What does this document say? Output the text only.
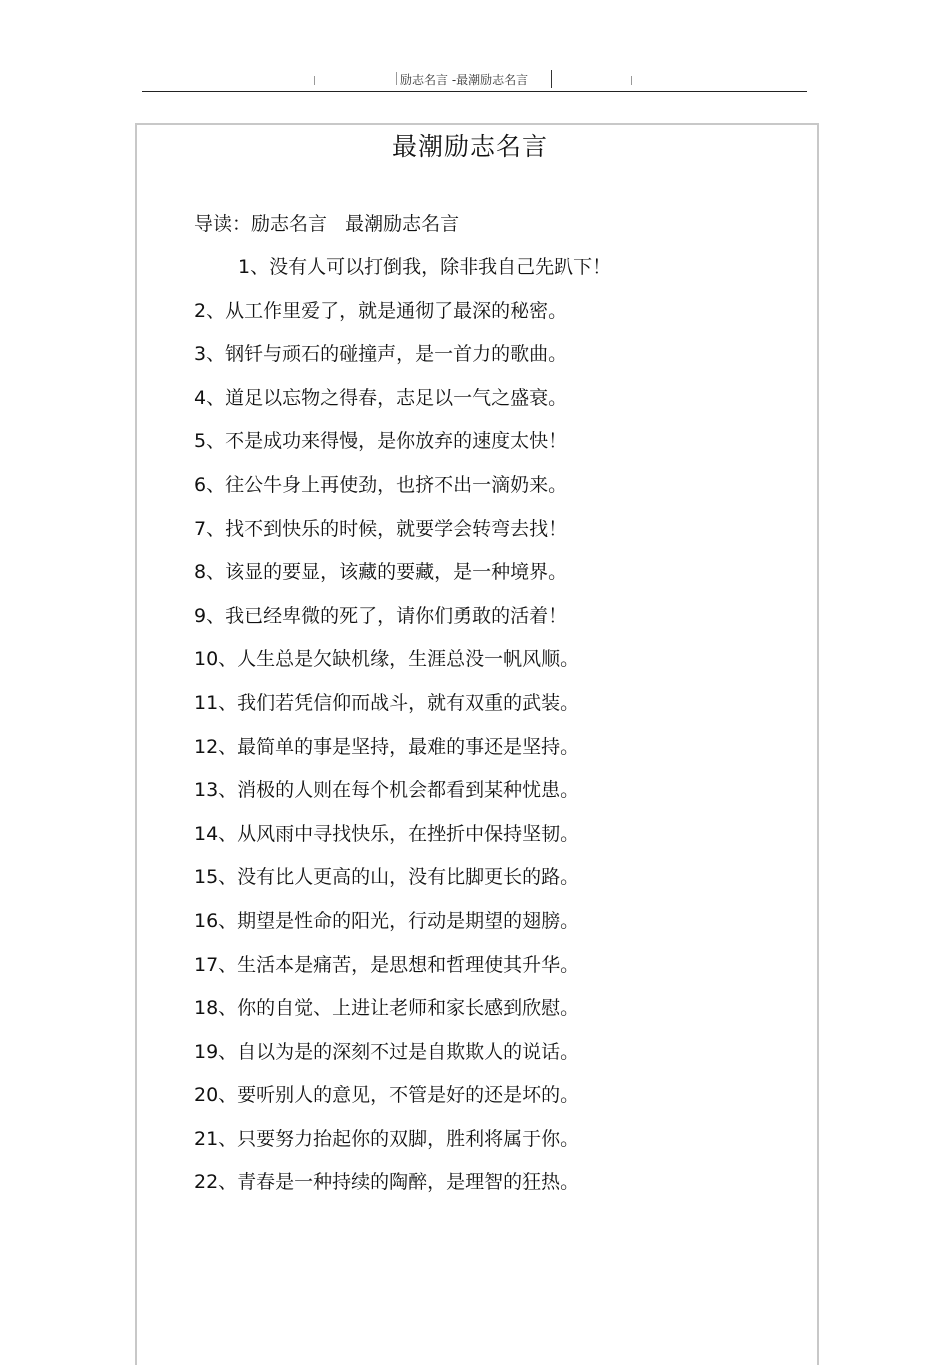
励志名言 -最潮励志名言
最潮励志名言
导读：励志名言   最潮励志名言
1、没有人可以打倒我，除非我自己先趴下！
2、从工作里爱了，就是通彻了最深的秘密。
3、钢钎与顽石的碰撞声，是一首力的歌曲。
4、道足以忘物之得春，志足以一气之盛衰。
5、不是成功来得慢，是你放弃的速度太快！
6、往公牛身上再使劲，也挤不出一滴奶来。
7、找不到快乐的时候，就要学会转弯去找！
8、该显的要显，该藏的要藏，是一种境界。
9、我已经卑微的死了，请你们勇敢的活着！
10、人生总是欠缺机缘，生涯总没一帆风顺。
11、我们若凭信仰而战斗，就有双重的武装。
12、最简单的事是坚持，最难的事还是坚持。
13、消极的人则在每个机会都看到某种忧患。
14、从风雨中寻找快乐，在挫折中保持坚韧。
15、没有比人更高的山，没有比脚更长的路。
16、期望是性命的阳光，行动是期望的翅膀。
17、生活本是痛苦，是思想和哲理使其升华。
18、你的自觉、上进让老师和家长感到欣慰。
19、自以为是的深刻不过是自欺欺人的说话。
20、要听别人的意见，不管是好的还是坏的。
21、只要努力抬起你的双脚，胜利将属于你。
22、青春是一种持续的陶醉，是理智的狂热。
